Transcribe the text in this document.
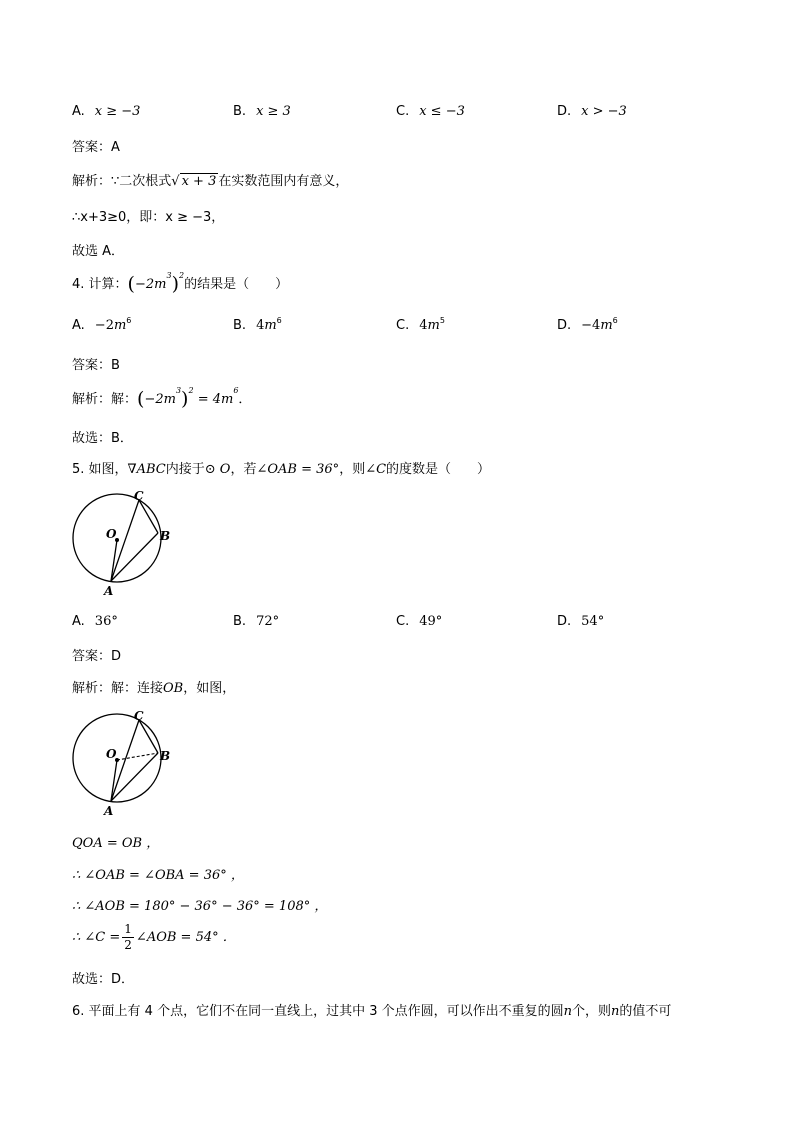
A. x ≥ −3	B. x ≥ 3	C. x ≤ −3	D. x > −3
答案：A
解析：∵二次根式√ x + 3 在实数范围内有意义，
∴x+3≥0，即：x ≥ −3，
故选 A．
4. 计算：$(-2m^3)^2$的结果是（　　）
A. $-2m^6$	B. $4m^6$	C. $4m^5$	D. $-4m^6$
答案：B
解析：解：$(-2m^3)^2 = 4m^6$．
故选：B．
5. 如图，∇ABC内接于⊙ O，若∠OAB = 36°，则∠C的度数是（　　）
C
O	B
A
A. 36°	B. 72°	C. 49°	D. 54°
答案：D
解析：解：连接OB，如图，
C
O	B
A
QOA = OB ，
∴ ∠OAB = ∠OBA = 36° ，
∴ ∠AOB = 180° − 36° − 36° = 108° ，
∴ ∠C = $\frac{1}{2}$ ∠AOB = 54° ．
故选：D．
6. 平面上有 4 个点，它们不在同一直线上，过其中 3 个点作圆，可以作出不重复的圆n个，则n的值不可
